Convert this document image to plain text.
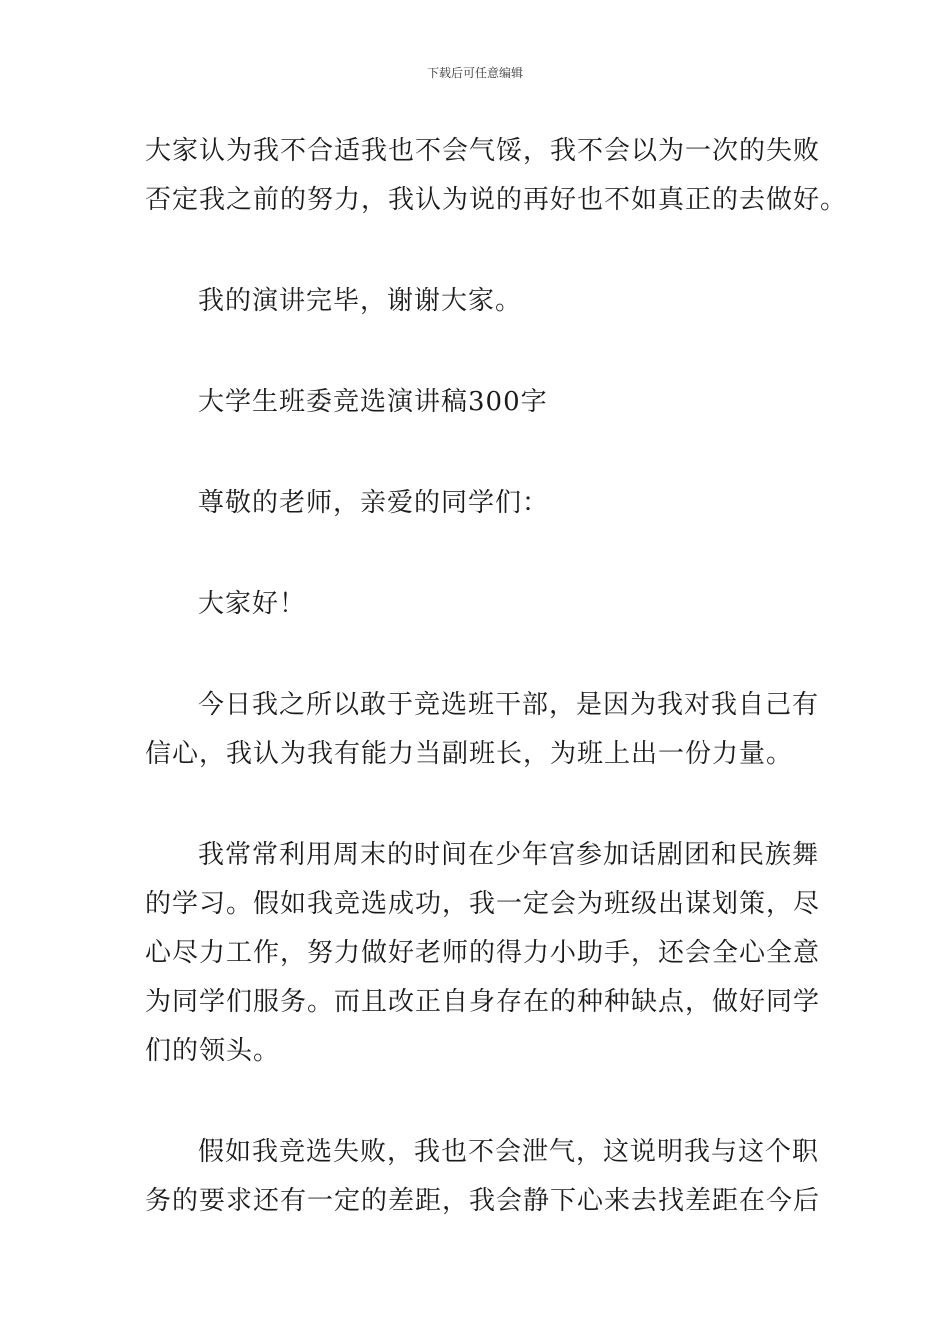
下载后可任意编辑

大家认为我不合适我也不会气馁，我不会以为一次的失败
否定我之前的努力，我认为说的再好也不如真正的去做好。

我的演讲完毕，谢谢大家。

大学生班委竞选演讲稿300字

尊敬的老师，亲爱的同学们：

大家好！

今日我之所以敢于竞选班干部，是因为我对我自己有
信心，我认为我有能力当副班长，为班上出一份力量。

我常常利用周末的时间在少年宫参加话剧团和民族舞
的学习。假如我竞选成功，我一定会为班级出谋划策，尽
心尽力工作，努力做好老师的得力小助手，还会全心全意
为同学们服务。而且改正自身存在的种种缺点，做好同学
们的领头。

假如我竞选失败，我也不会泄气，这说明我与这个职
务的要求还有一定的差距，我会静下心来去找差距在今后
